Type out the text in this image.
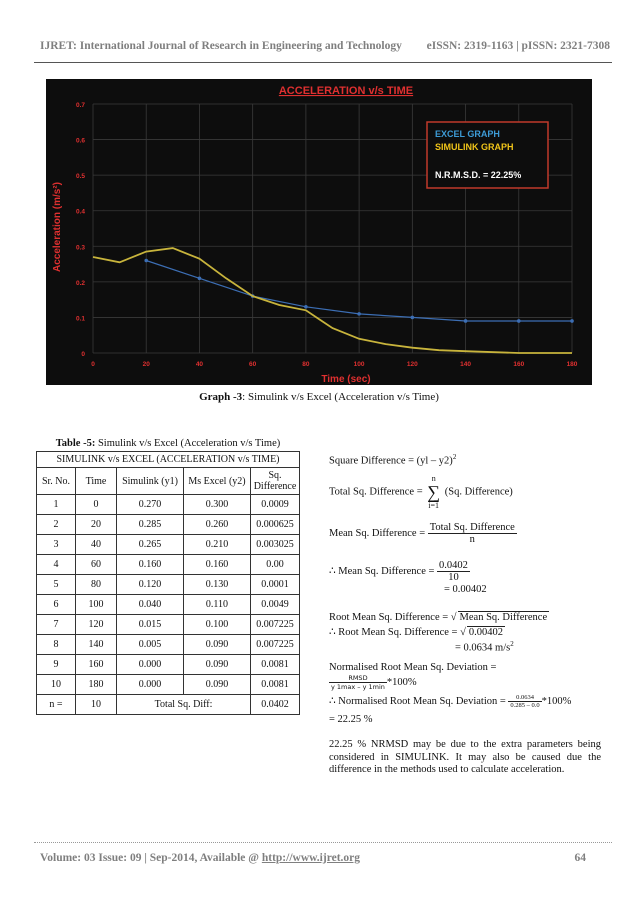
IJRET: International Journal of Research in Engineering and Technology eISSN: 2319-1163 | pISSN: 2321-7308
0
0.1
0.2
0.3
0.4
0.5
0.6
0.7
0	20	40	60	80	100	120	140	160	180
ACCELERATION v/s TIME
Time (sec)
Acceleration (m/s²)
EXCEL GRAPH
SIMULINK GRAPH
N.R.M.S.D. = 22.25%
Graph -3: Simulink v/s Excel (Acceleration v/s Time)
Table -5: Simulink v/s Excel (Acceleration v/s Time)
SIMULINK v/s EXCEL (ACCELERATION v/s TIME)				
Sr. No.	Time	Simulink (y1)	Ms Excel (y2)	Sq. Difference
1	0	0.270	0.300	0.0009
2	20	0.285	0.260	0.000625
3	40	0.265	0.210	0.003025
4	60	0.160	0.160	0.00
5	80	0.120	0.130	0.0001
6	100	0.040	0.110	0.0049
7	120	0.015	0.100	0.007225
8	140	0.005	0.090	0.007225
9	160	0.000	0.090	0.0081
10	180	0.000	0.090	0.0081
n =	10	Total Sq. Diff:		0.0402
Square Difference = (yl – y2)$^2$
Total Sq. Difference = n
∑
i=1 (Sq. Difference)
Mean Sq. Difference = $\frac{\text{Total Sq. Difference}}{n}$
∴ Mean Sq. Difference = $\frac{0.0402}{10}$
= 0.00402
Root Mean Sq. Difference = √ Mean Sq. Difference
∴ Root Mean Sq. Difference = √ 0.00402
= 0.0634 $m/s^2$
Normalised Root Mean Sq. Deviation =
$\frac{\text{RMSD}}{y 1\max - y 1\min} *100\%$
∴ Normalised Root Mean Sq. Deviation = $\frac{0.0634}{0.285 - 0.0} *100\%$
= 22.25 %
22.25 % NRMSD may be due to the extra parameters being considered in SIMULINK. It may also be caused due the difference in the methods used to calculate acceleration.
Volume: 03 Issue: 09 | Sep-2014, Available @ http://www.ijret.org	64
